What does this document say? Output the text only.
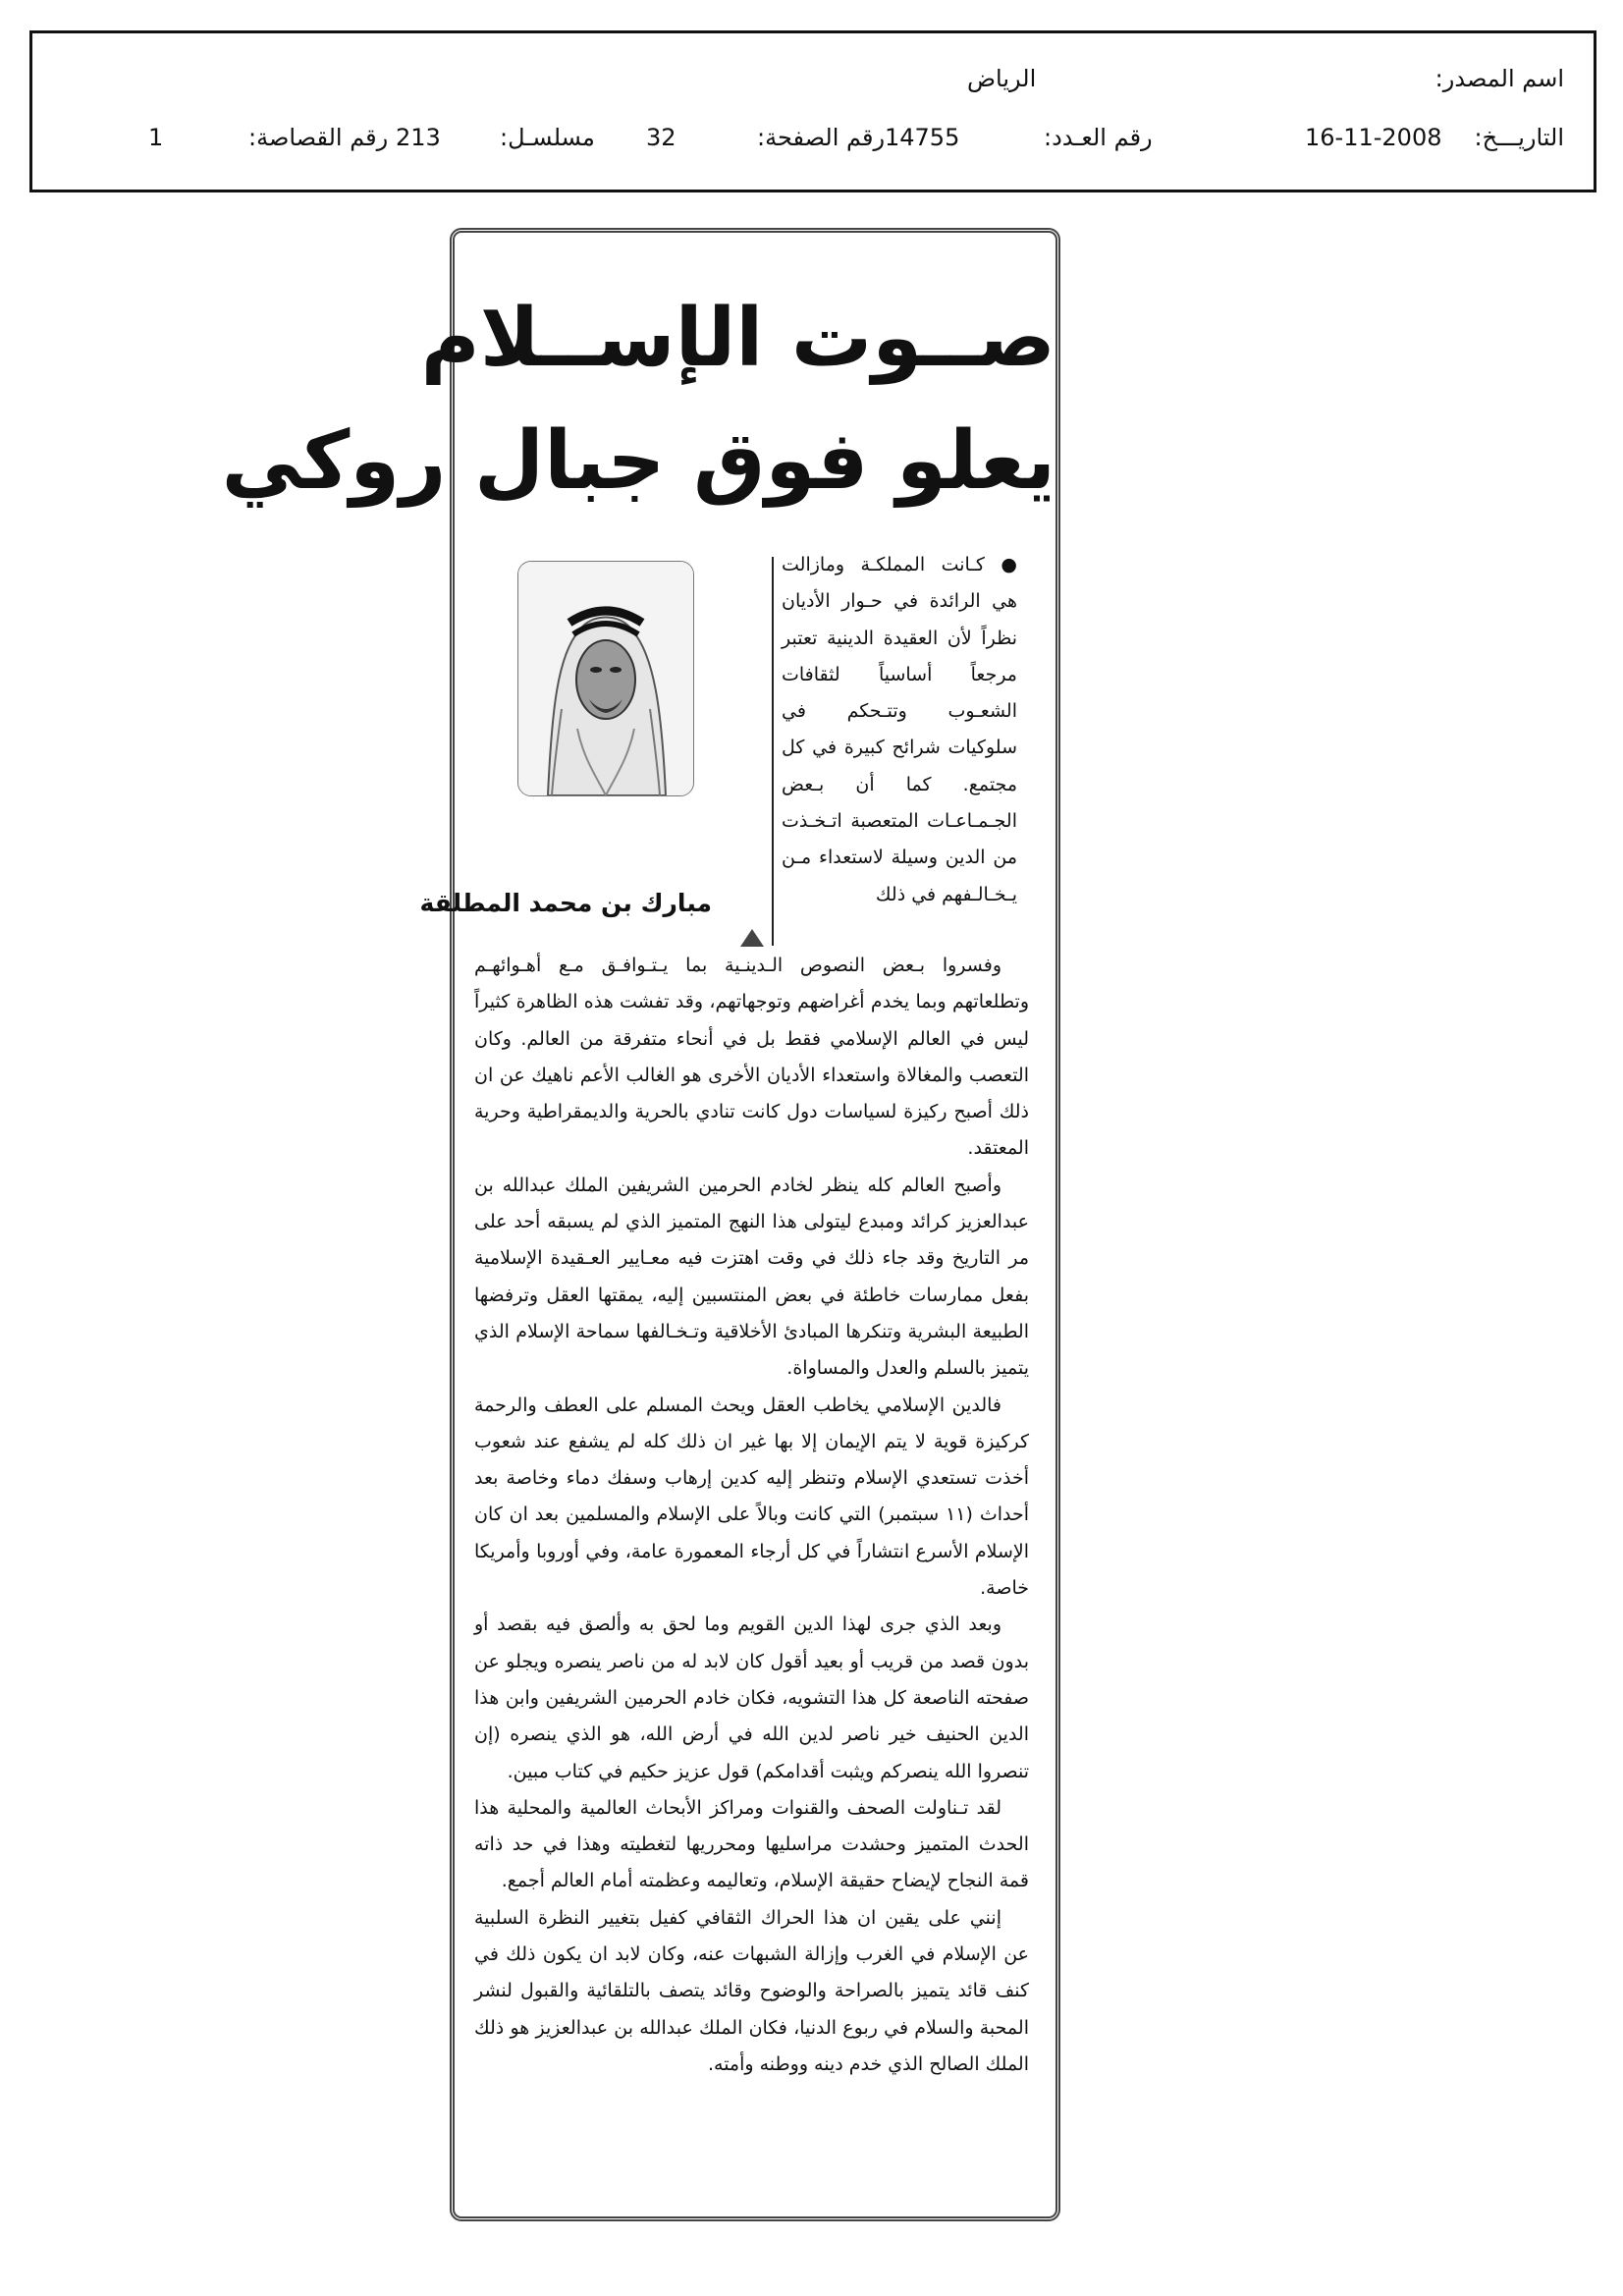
اسم المصدر:
الرياض
التاريـــخ:
16-11-2008
رقم العـدد:
14755
رقم الصفحة:
32
مسلسـل:
213
رقم القصاصة:
1
صــوت الإســلام
يعلو فوق جبال روكي
مبارك بن محمد المطلقة
● كـانت المملكـة ومازالت هي الرائدة في حـوار الأديان نظراً لأن العقيدة الدينية تعتبر مرجعاً أساسياً لثقافات الشعـوب وتتـحكم في سلوكيات شرائح كبيرة في كل مجتمع. كما أن بـعض الجـمـاعـات المتعصبة اتـخـذت من الدين وسيلة لاستعداء مـن يـخـالـفهم في ذلك

وفسروا بـعض النصوص الـدينـية بما يـتـوافـق مـع أهـوائهـم وتطلعاتهم وبما يخدم أغراضهم وتوجهاتهم، وقد تفشت هذه الظاهرة كثيراً ليس في العالم الإسلامي فقط بل في أنحاء متفرقة من العالم. وكان التعصب والمغالاة واستعداء الأديان الأخرى هو الغالب الأعم ناهيك عن ان ذلك أصبح ركيزة لسياسات دول كانت تنادي بالحرية والديمقراطية وحرية المعتقد.

وأصبح العالم كله ينظر لخادم الحرمين الشريفين الملك عبدالله بن عبدالعزيز كرائد ومبدع ليتولى هذا النهج المتميز الذي لم يسبقه أحد على مر التاريخ وقد جاء ذلك في وقت اهتزت فيه معـايير العـقيدة الإسلامية بفعل ممارسات خاطئة في بعض المنتسبين إليه، يمقتها العقل وترفضها الطبيعة البشرية وتنكرها المبادئ الأخلاقية وتـخـالفها سماحة الإسلام الذي يتميز بالسلم والعدل والمساواة.

فالدين الإسلامي يخاطب العقل ويحث المسلم على العطف والرحمة كركيزة قوية لا يتم الإيمان إلا بها غير ان ذلك كله لم يشفع عند شعوب أخذت تستعدي الإسلام وتنظر إليه كدين إرهاب وسفك دماء وخاصة بعد أحداث (١١ سبتمبر) التي كانت وبالاً على الإسلام والمسلمين بعد ان كان الإسلام الأسرع انتشاراً في كل أرجاء المعمورة عامة، وفي أوروبا وأمريكا خاصة.

وبعد الذي جرى لهذا الدين القويم وما لحق به وألصق فيه بقصد أو بدون قصد من قريب أو بعيد أقول كان لابد له من ناصر ينصره ويجلو عن صفحته الناصعة كل هذا التشويه، فكان خادم الحرمين الشريفين وابن هذا الدين الحنيف خير ناصر لدين الله في أرض الله، هو الذي ينصره (إن تنصروا الله ينصركم ويثبت أقدامكم) قول عزيز حكيم في كتاب مبين.

لقد تـناولت الصحف والقنوات ومراكز الأبحاث العالمية والمحلية هذا الحدث المتميز وحشدت مراسليها ومحرريها لتغطيته وهذا في حد ذاته قمة النجاح لإيضاح حقيقة الإسلام، وتعاليمه وعظمته أمام العالم أجمع.

إنني على يقين ان هذا الحراك الثقافي كفيل بتغيير النظرة السلبية عن الإسلام في الغرب وإزالة الشبهات عنه، وكان لابد ان يكون ذلك في كنف قائد يتميز بالصراحة والوضوح وقائد يتصف بالتلقائية والقبول لنشر المحبة والسلام في ربوع الدنيا، فكان الملك عبدالله بن عبدالعزيز هو ذلك الملك الصالح الذي خدم دينه ووطنه وأمته.
